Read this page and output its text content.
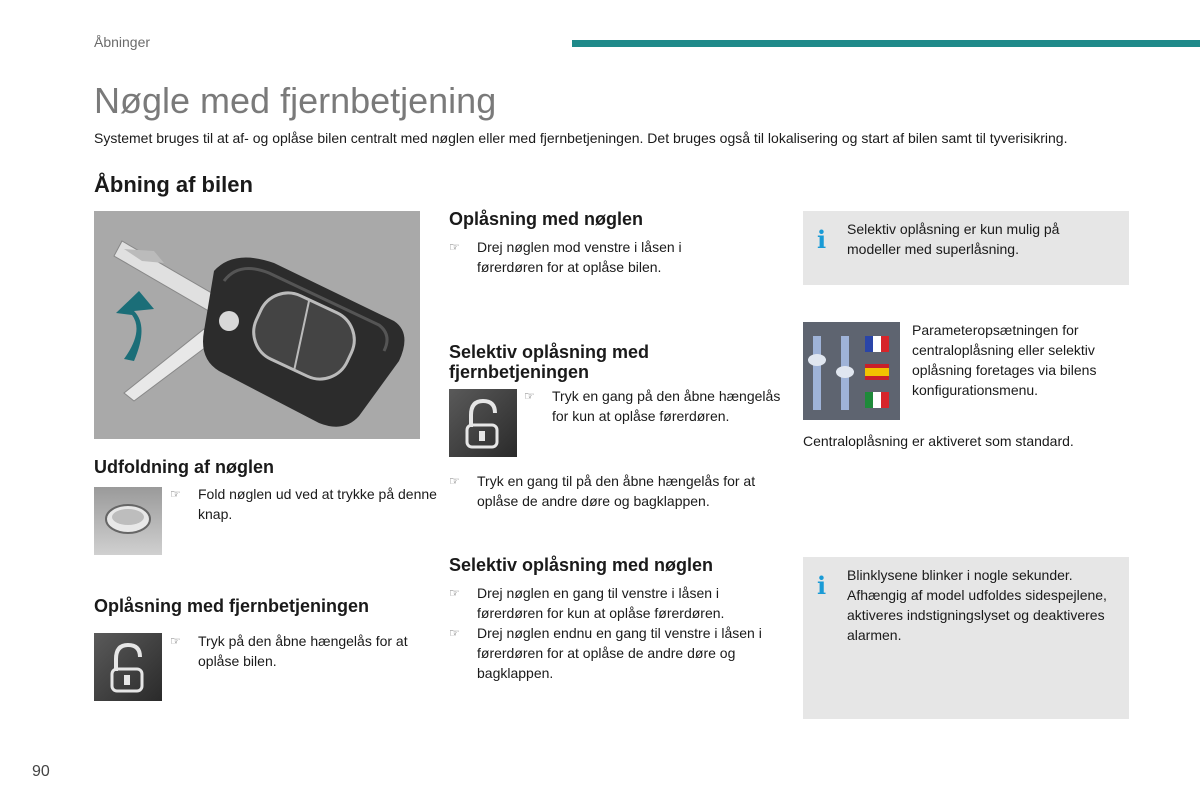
Åbninger
Nøgle med fjernbetjening
Systemet bruges til at af- og oplåse bilen centralt med nøglen eller med fjernbetjeningen. Det bruges også til lokalisering og start af bilen samt til tyverisikring.
Åbning af bilen
Udfoldning af nøglen
☞ Fold nøglen ud ved at trykke på denne knap.
Oplåsning med fjernbetjeningen
☞ Tryk på den åbne hængelås for at oplåse bilen.
Oplåsning med nøglen
☞ Drej nøglen mod venstre i låsen i førerdøren for at oplåse bilen.
Selektiv oplåsning med fjernbetjeningen
☞ Tryk en gang på den åbne hængelås for kun at oplåse førerdøren.
☞ Tryk en gang til på den åbne hængelås for at oplåse de andre døre og bagklappen.
Selektiv oplåsning med nøglen
☞ Drej nøglen en gang til venstre i låsen i førerdøren for kun at oplåse førerdøren.
☞ Drej nøglen endnu en gang til venstre i låsen i førerdøren for at oplåse de andre døre og bagklappen.
i Selektiv oplåsning er kun mulig på modeller med superlåsning.
Parameteropsætningen for centraloplåsning eller selektiv oplåsning foretages via bilens konfigurationsmenu.
Centraloplåsning er aktiveret som standard.
i Blinklysene blinker i nogle sekunder. Afhængig af model udfoldes sidespejlene, aktiveres indstigningslyset og deaktiveres alarmen.
90
